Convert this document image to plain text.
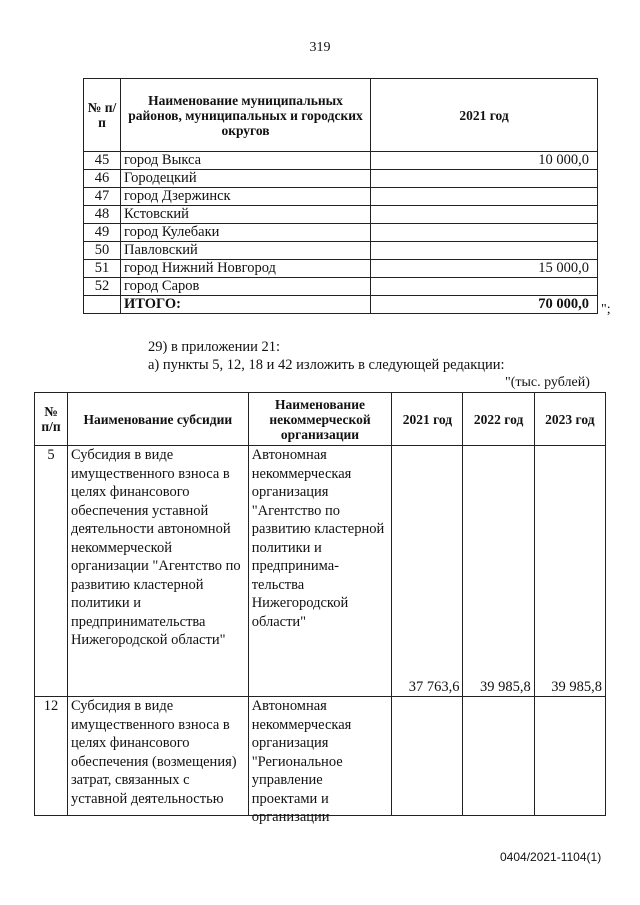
319
№ п/п	Наименование муниципальных районов, муниципальных и городских округов	2021 год
45	город Выкса	10 000,0
46	Городецкий	
47	город Дзержинск	
48	Кстовский	
49	город Кулебаки	
50	Павловский	
51	город Нижний Новгород	15 000,0
52	город Саров	
	ИТОГО:	70 000,0 ";
29) в приложении 21:
а) пункты 5, 12, 18 и 42 изложить в следующей редакции:
"(тыс. рублей)
№ п/п	Наименование субсидии	Наименование некоммерческой организации	2021 год	2022 год	2023 год
5	Субсидия в виде имущественного взноса в целях финансового обеспечения уставной деятельности автономной некоммерческой организации "Агентство по развитию кластерной политики и предпринимательства Нижегородской области"	Автономная некоммерческая организация "Агентство по развитию кластерной политики и предпринима-тельства Нижегородской области"	37 763,6	39 985,8	39 985,8
12	Субсидия в виде имущественного взноса в целях финансового обеспечения (возмещения) затрат, связанных с уставной деятельностью	Автономная некоммерческая организация "Региональное управление проектами и организации			

0404/2021-1104(1)
